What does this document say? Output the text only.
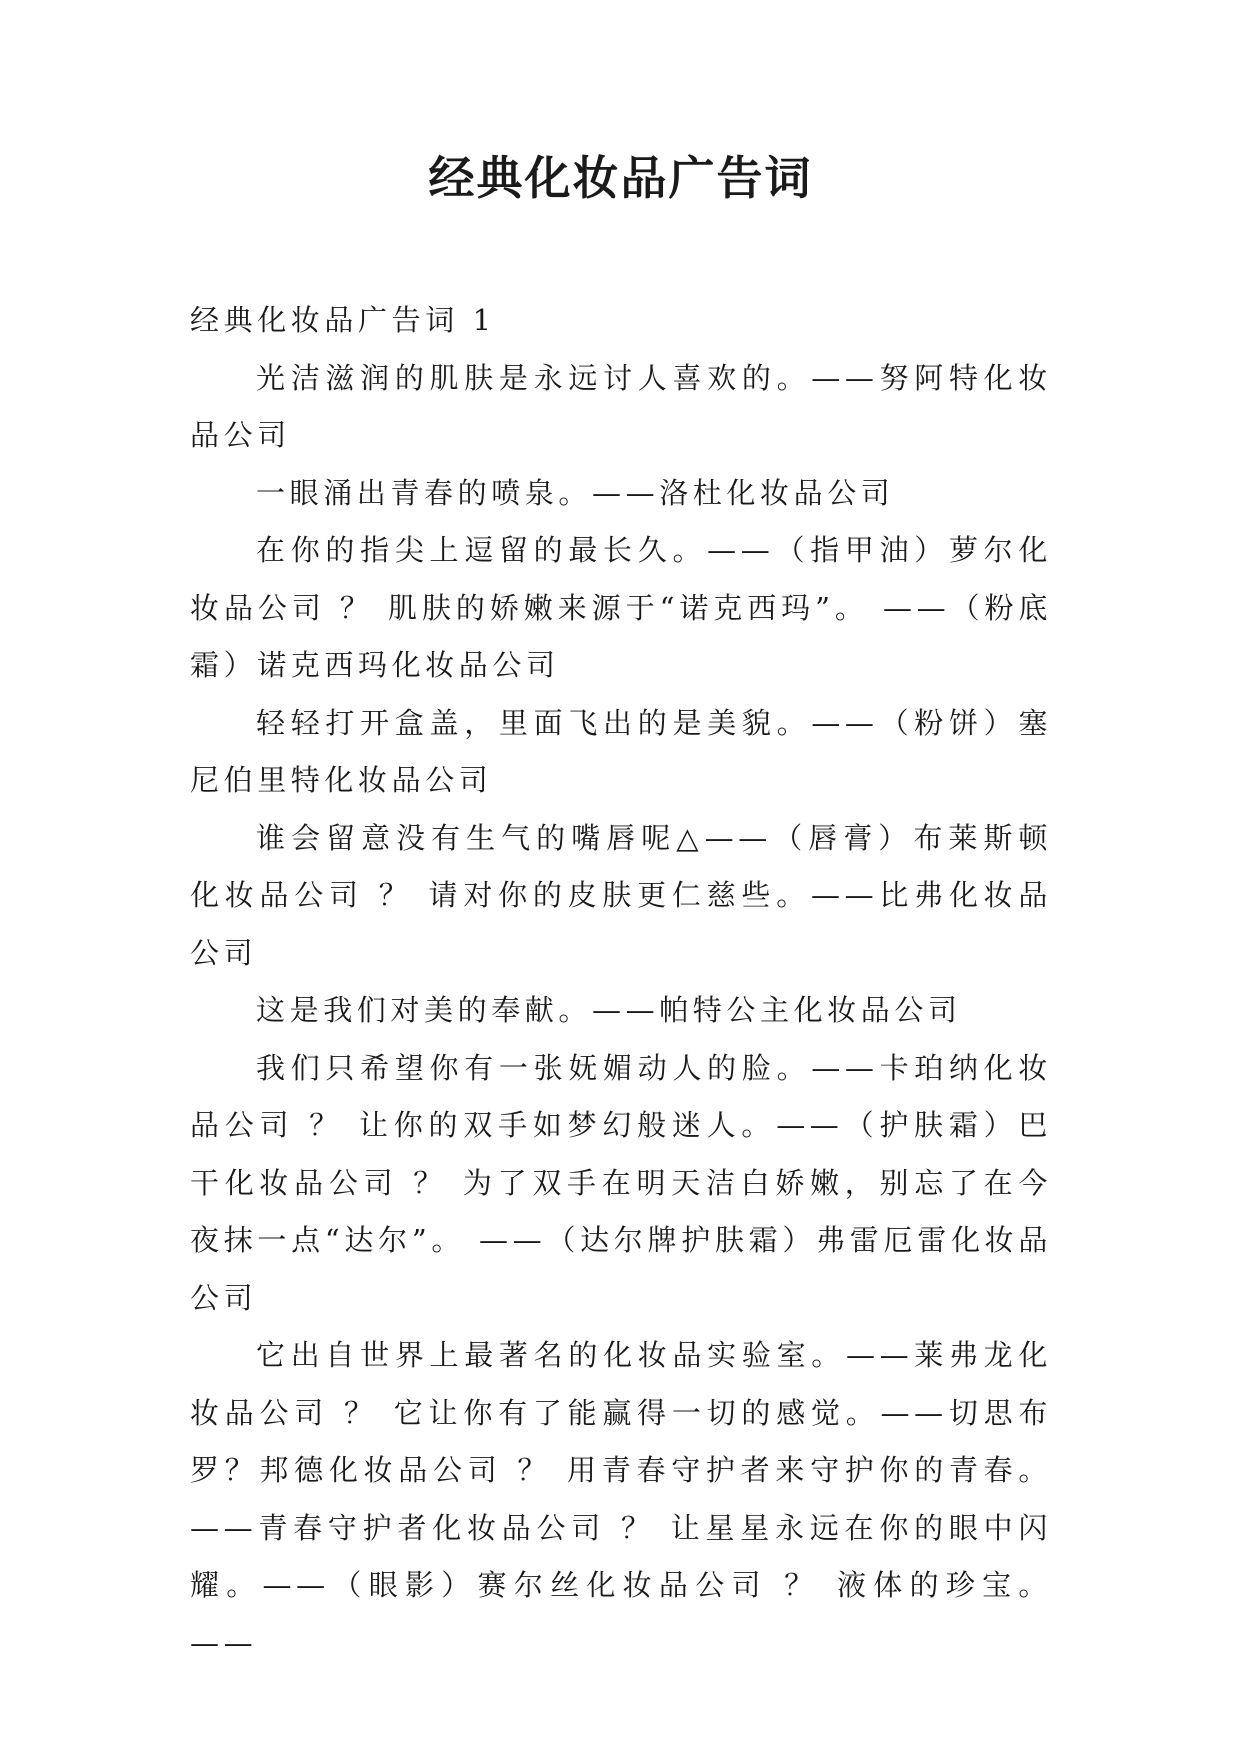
经典化妆品广告词

经典化妆品广告词 1

光洁滋润的肌肤是永远讨人喜欢的。——努阿特化妆品公司

一眼涌出青春的喷泉。——洛杜化妆品公司

在你的指尖上逗留的最长久。——（指甲油）萝尔化妆品公司 ？ 肌肤的娇嫩来源于“诺克西玛”。 ——（粉底霜）诺克西玛化妆品公司

轻轻打开盒盖，里面飞出的是美貌。——（粉饼）塞尼伯里特化妆品公司

谁会留意没有生气的嘴唇呢△——（唇膏）布莱斯顿化妆品公司 ？ 请对你的皮肤更仁慈些。——比弗化妆品公司

这是我们对美的奉献。——帕特公主化妆品公司

我们只希望你有一张妩媚动人的脸。——卡珀纳化妆品公司 ？ 让你的双手如梦幻般迷人。——（护肤霜）巴干化妆品公司 ？ 为了双手在明天洁白娇嫩，别忘了在今夜抹一点“达尔”。 ——（达尔牌护肤霜）弗雷厄雷化妆品公司

它出自世界上最著名的化妆品实验室。——莱弗龙化妆品公司 ？ 它让你有了能赢得一切的感觉。——切思布罗？邦德化妆品公司 ？ 用青春守护者来守护你的青春。——青春守护者化妆品公司 ？ 让星星永远在你的眼中闪耀。——（眼影）赛尔丝化妆品公司 ？ 液体的珍宝。——
